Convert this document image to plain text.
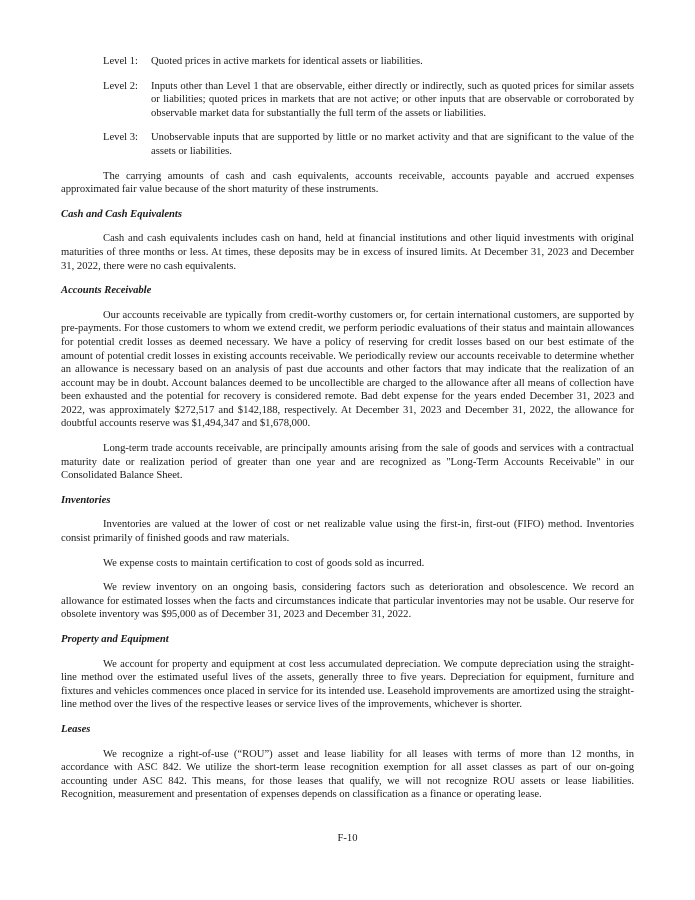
Level 1:	Quoted prices in active markets for identical assets or liabilities.
Level 2:	Inputs other than Level 1 that are observable, either directly or indirectly, such as quoted prices for similar assets or liabilities; quoted prices in markets that are not active; or other inputs that are observable or corroborated by observable market data for substantially the full term of the assets or liabilities.
Level 3:	Unobservable inputs that are supported by little or no market activity and that are significant to the value of the assets or liabilities.

The carrying amounts of cash and cash equivalents, accounts receivable, accounts payable and accrued expenses approximated fair value because of the short maturity of these instruments.

Cash and Cash Equivalents

Cash and cash equivalents includes cash on hand, held at financial institutions and other liquid investments with original maturities of three months or less. At times, these deposits may be in excess of insured limits. At December 31, 2023 and December 31, 2022, there were no cash equivalents.

Accounts Receivable

Our accounts receivable are typically from credit-worthy customers or, for certain international customers, are supported by pre-payments. For those customers to whom we extend credit, we perform periodic evaluations of their status and maintain allowances for potential credit losses as deemed necessary. We have a policy of reserving for credit losses based on our best estimate of the amount of potential credit losses in existing accounts receivable. We periodically review our accounts receivable to determine whether an allowance is necessary based on an analysis of past due accounts and other factors that may indicate that the realization of an account may be in doubt. Account balances deemed to be uncollectible are charged to the allowance after all means of collection have been exhausted and the potential for recovery is considered remote. Bad debt expense for the years ended December 31, 2023 and 2022, was approximately $272,517 and $142,188, respectively. At December 31, 2023 and December 31, 2022, the allowance for doubtful accounts reserve was $1,494,347 and $1,678,000.

Long-term trade accounts receivable, are principally amounts arising from the sale of goods and services with a contractual maturity date or realization period of greater than one year and are recognized as "Long-Term Accounts Receivable" in our Consolidated Balance Sheet.

Inventories

Inventories are valued at the lower of cost or net realizable value using the first-in, first-out (FIFO) method. Inventories consist primarily of finished goods and raw materials.

We expense costs to maintain certification to cost of goods sold as incurred.

We review inventory on an ongoing basis, considering factors such as deterioration and obsolescence. We record an allowance for estimated losses when the facts and circumstances indicate that particular inventories may not be usable. Our reserve for obsolete inventory was $95,000 as of December 31, 2023 and December 31, 2022.

Property and Equipment

We account for property and equipment at cost less accumulated depreciation. We compute depreciation using the straight-line method over the estimated useful lives of the assets, generally three to five years. Depreciation for equipment, furniture and fixtures and vehicles commences once placed in service for its intended use. Leasehold improvements are amortized using the straight-line method over the lives of the respective leases or service lives of the improvements, whichever is shorter.

Leases

We recognize a right-of-use (“ROU”) asset and lease liability for all leases with terms of more than 12 months, in accordance with ASC 842. We utilize the short-term lease recognition exemption for all asset classes as part of our on-going accounting under ASC 842. This means, for those leases that qualify, we will not recognize ROU assets or lease liabilities. Recognition, measurement and presentation of expenses depends on classification as a finance or operating lease.

F-10
